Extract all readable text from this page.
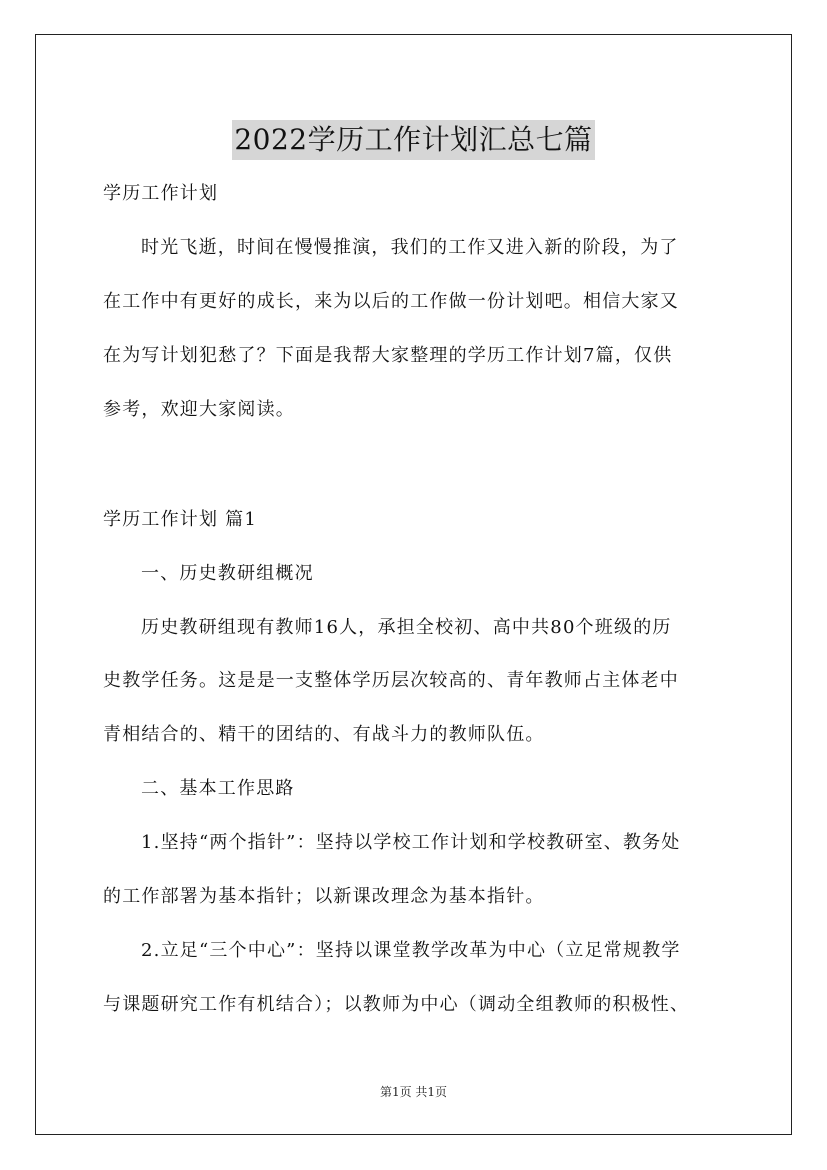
2022学历工作计划汇总七篇
学历工作计划
时光飞逝，时间在慢慢推演，我们的工作又进入新的阶段，为了
在工作中有更好的成长，来为以后的工作做一份计划吧。相信大家又
在为写计划犯愁了？下面是我帮大家整理的学历工作计划7篇，仅供
参考，欢迎大家阅读。
学历工作计划 篇1
一、历史教研组概况
历史教研组现有教师16人，承担全校初、高中共80个班级的历
史教学任务。这是是一支整体学历层次较高的、青年教师占主体老中
青相结合的、精干的团结的、有战斗力的教师队伍。
二、基本工作思路
1.坚持“两个指针”：坚持以学校工作计划和学校教研室、教务处
的工作部署为基本指针；以新课改理念为基本指针。
2.立足“三个中心”：坚持以课堂教学改革为中心（立足常规教学
与课题研究工作有机结合）；以教师为中心（调动全组教师的积极性、
第1页 共1页
